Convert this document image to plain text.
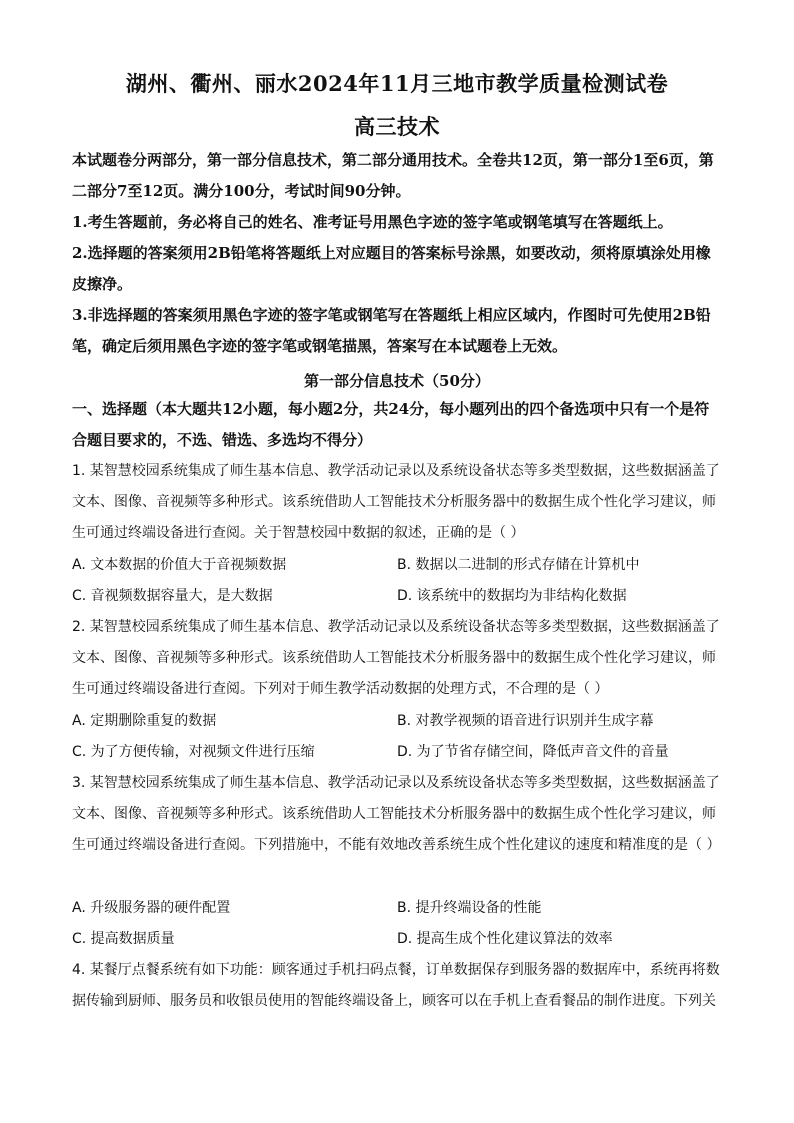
湖州、衢州、丽水2024年11月三地市教学质量检测试卷
高三技术
本试题卷分两部分，第一部分信息技术，第二部分通用技术。全卷共12页，第一部分1至6页，第二部分7至12页。满分100分，考试时间90分钟。
1.考生答题前，务必将自己的姓名、准考证号用黑色字迹的签字笔或钢笔填写在答题纸上。
2.选择题的答案须用2B铅笔将答题纸上对应题目的答案标号涂黑，如要改动，须将原填涂处用橡皮擦净。
3.非选择题的答案须用黑色字迹的签字笔或钢笔写在答题纸上相应区域内，作图时可先使用2B铅笔，确定后须用黑色字迹的签字笔或钢笔描黑，答案写在本试题卷上无效。
第一部分信息技术（50分）
一、选择题（本大题共12小题，每小题2分，共24分，每小题列出的四个备选项中只有一个是符合题目要求的，不选、错选、多选均不得分）
1. 某智慧校园系统集成了师生基本信息、教学活动记录以及系统设备状态等多类型数据，这些数据涵盖了文本、图像、音视频等多种形式。该系统借助人工智能技术分析服务器中的数据生成个性化学习建议，师生可通过终端设备进行查阅。关于智慧校园中数据的叙述，正确的是（ ）
A. 文本数据的价值大于音视频数据	B. 数据以二进制的形式存储在计算机中
C. 音视频数据容量大，是大数据	D. 该系统中的数据均为非结构化数据
2. 某智慧校园系统集成了师生基本信息、教学活动记录以及系统设备状态等多类型数据，这些数据涵盖了文本、图像、音视频等多种形式。该系统借助人工智能技术分析服务器中的数据生成个性化学习建议，师生可通过终端设备进行查阅。下列对于师生教学活动数据的处理方式，不合理的是（ ）
A. 定期删除重复的数据	B. 对教学视频的语音进行识别并生成字幕
C. 为了方便传输，对视频文件进行压缩	D. 为了节省存储空间，降低声音文件的音量
3. 某智慧校园系统集成了师生基本信息、教学活动记录以及系统设备状态等多类型数据，这些数据涵盖了文本、图像、音视频等多种形式。该系统借助人工智能技术分析服务器中的数据生成个性化学习建议，师生可通过终端设备进行查阅。下列措施中，不能有效地改善系统生成个性化建议的速度和精准度的是（ ）
A. 升级服务器的硬件配置	B. 提升终端设备的性能
C. 提高数据质量	D. 提高生成个性化建议算法的效率
4. 某餐厅点餐系统有如下功能：顾客通过手机扫码点餐，订单数据保存到服务器的数据库中，系统再将数据传输到厨师、服务员和收银员使用的智能终端设备上，顾客可以在手机上查看餐品的制作进度。下列关
